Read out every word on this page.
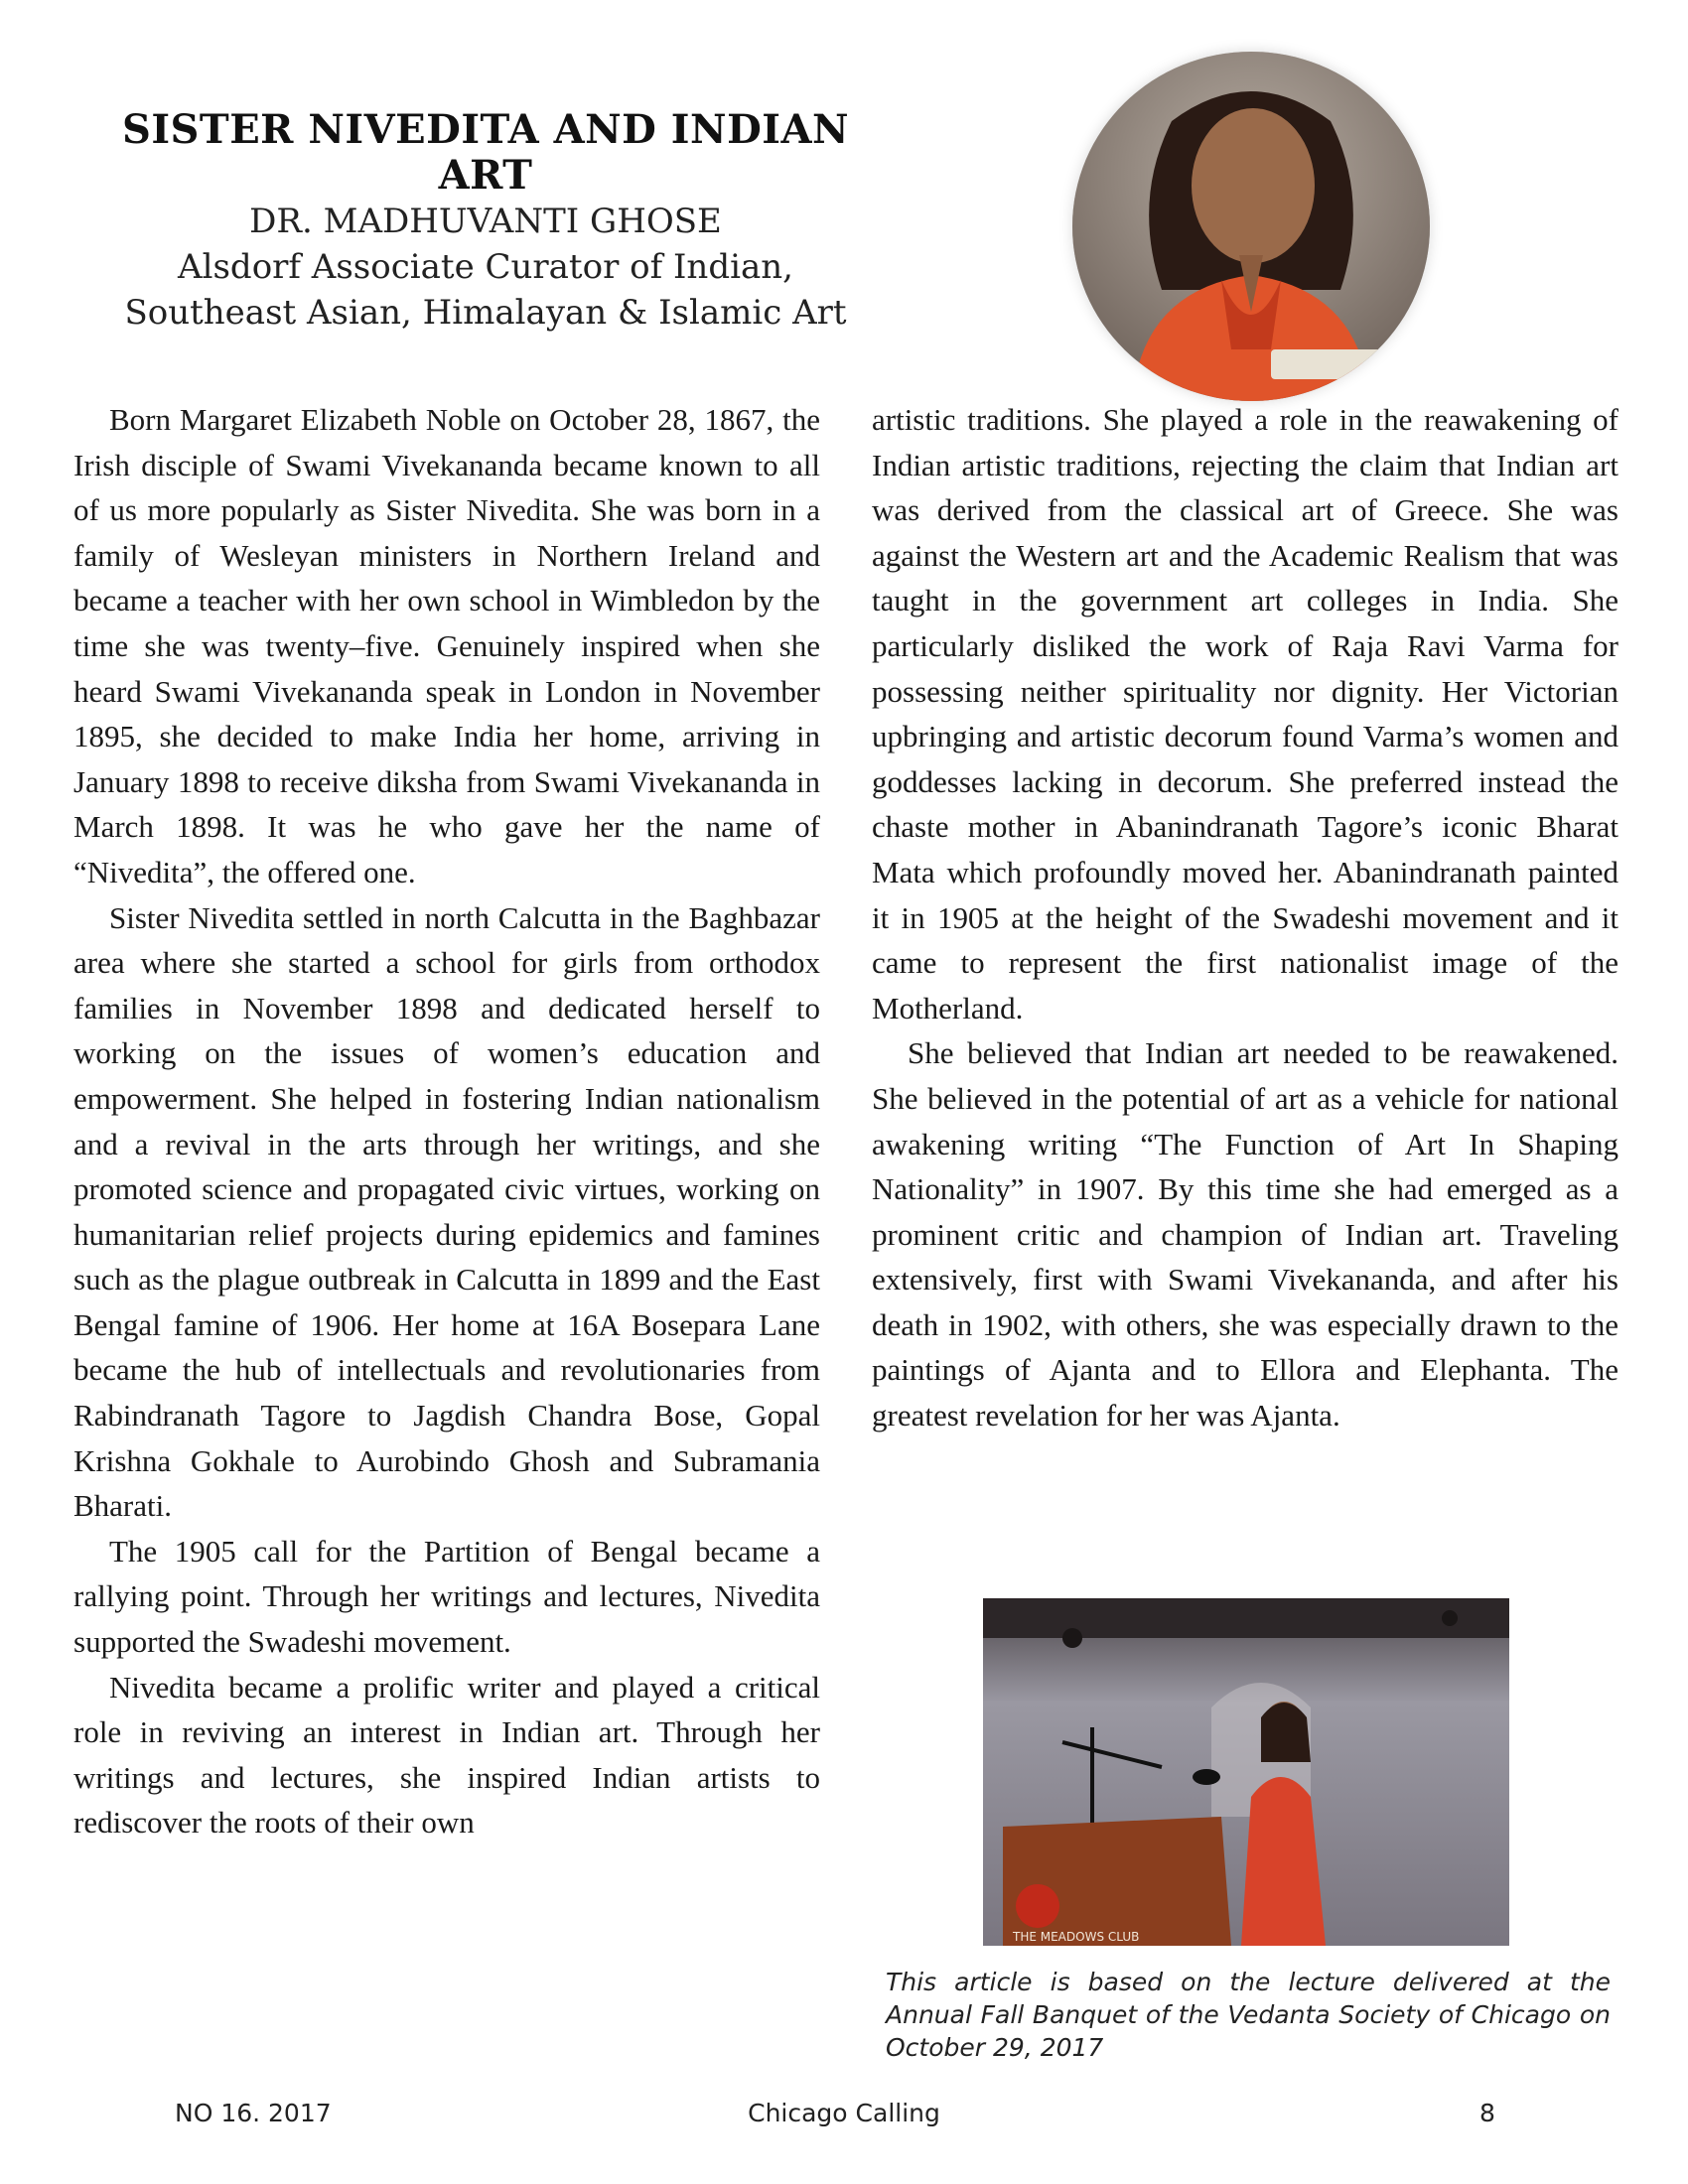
SISTER NIVEDITA AND INDIAN ART
DR. MADHUVANTI GHOSE
Alsdorf Associate Curator of Indian,
Southeast Asian, Himalayan & Islamic Art

Born Margaret Elizabeth Noble on October 28, 1867, the Irish disciple of Swami Vivekananda became known to all of us more popularly as Sister Nivedita. She was born in a family of Wesleyan ministers in Northern Ireland and became a teacher with her own school in Wimbledon by the time she was twenty–five. Genuinely inspired when she heard Swami Vivekananda speak in London in November 1895, she decided to make India her home, arriving in January 1898 to receive diksha from Swami Vivekananda in March 1898. It was he who gave her the name of “Nivedita”, the offered one.

Sister Nivedita settled in north Calcutta in the Baghbazar area where she started a school for girls from orthodox families in November 1898 and dedicated herself to working on the issues of women’s education and empowerment. She helped in fostering Indian nationalism and a revival in the arts through her writings, and she promoted science and propagated civic virtues, working on humanitarian relief projects during epidemics and famines such as the plague outbreak in Calcutta in 1899 and the East Bengal famine of 1906. Her home at 16A Bosepara Lane became the hub of intellectuals and revolutionaries from Rabindranath Tagore to Jagdish Chandra Bose, Gopal Krishna Gokhale to Aurobindo Ghosh and Subramania Bharati.

The 1905 call for the Partition of Bengal became a rallying point. Through her writings and lectures, Nivedita supported the Swadeshi movement.

Nivedita became a prolific writer and played a critical role in reviving an interest in Indian art. Through her writings and lectures, she inspired Indian artists to rediscover the roots of their own

artistic traditions. She played a role in the reawakening of Indian artistic traditions, rejecting the claim that Indian art was derived from the classical art of Greece. She was against the Western art and the Academic Realism that was taught in the government art colleges in India. She particularly disliked the work of Raja Ravi Varma for possessing neither spirituality nor dignity. Her Victorian upbringing and artistic decorum found Varma’s women and goddesses lacking in decorum. She preferred instead the chaste mother in Abanindranath Tagore’s iconic Bharat Mata which profoundly moved her. Abanindranath painted it in 1905 at the height of the Swadeshi movement and it came to represent the first nationalist image of the Motherland.

She believed that Indian art needed to be reawakened. She believed in the potential of art as a vehicle for national awakening writing “The Function of Art In Shaping Nationality” in 1907. By this time she had emerged as a prominent critic and champion of Indian art. Traveling extensively, first with Swami Vivekananda, and after his death in 1902, with others, she was especially drawn to the paintings of Ajanta and to Ellora and Elephanta. The greatest revelation for her was Ajanta.

THE MEADOWS CLUB
This article is based on the lecture delivered at the Annual Fall Banquet of the Vedanta Society of Chicago on October 29, 2017
NO 16. 2017	Chicago Calling	8
